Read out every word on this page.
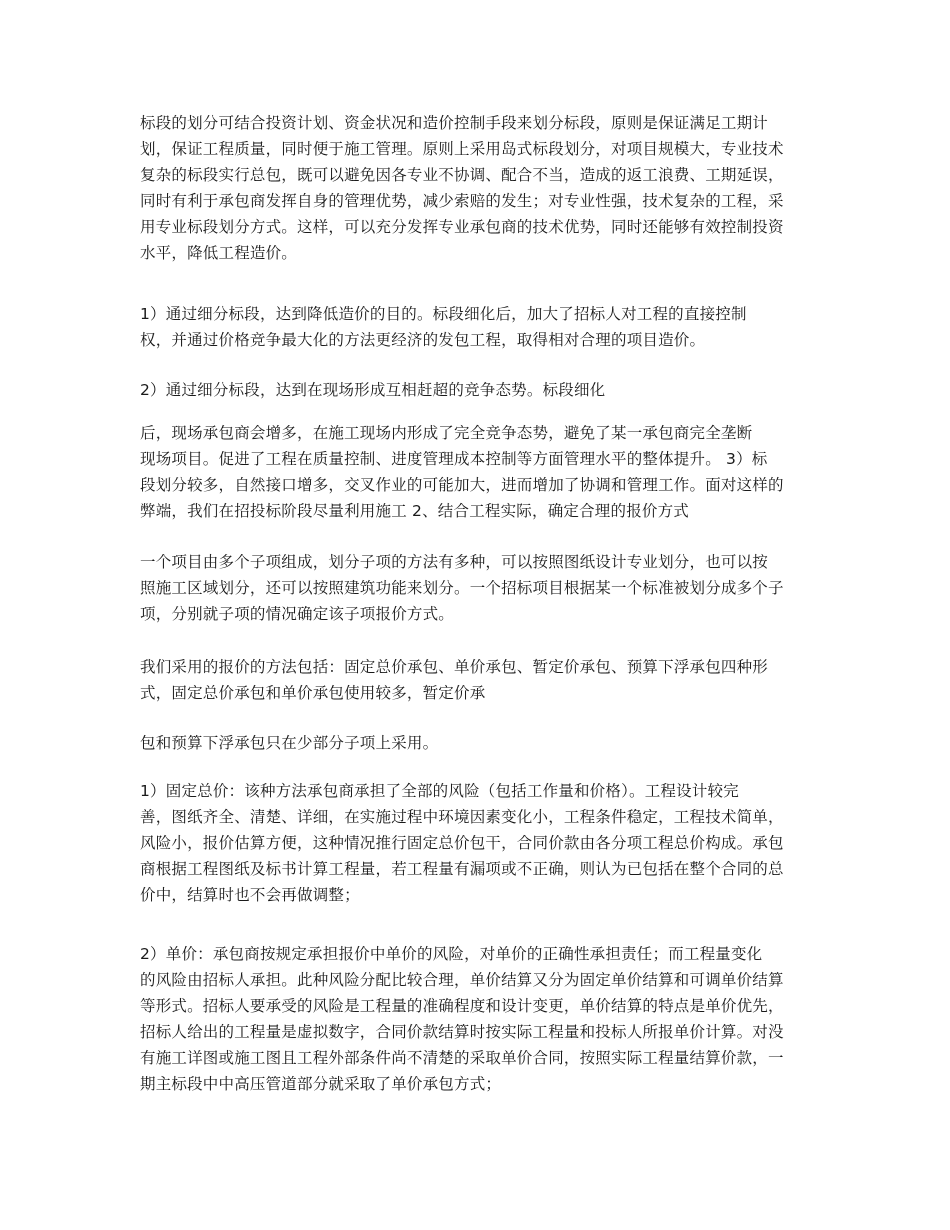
标段的划分可结合投资计划、资金状况和造价控制手段来划分标段，原则是保证满足工期计
划，保证工程质量，同时便于施工管理。原则上采用岛式标段划分，对项目规模大，专业技术
复杂的标段实行总包，既可以避免因各专业不协调、配合不当，造成的返工浪费、工期延误，
同时有利于承包商发挥自身的管理优势，减少索赔的发生；对专业性强，技术复杂的工程，采
用专业标段划分方式。这样，可以充分发挥专业承包商的技术优势，同时还能够有效控制投资
水平，降低工程造价。
1）通过细分标段，达到降低造价的目的。标段细化后，加大了招标人对工程的直接控制
权，并通过价格竞争最大化的方法更经济的发包工程，取得相对合理的项目造价。
2）通过细分标段，达到在现场形成互相赶超的竞争态势。标段细化
后，现场承包商会增多，在施工现场内形成了完全竞争态势，避免了某一承包商完全垄断
现场项目。促进了工程在质量控制、进度管理成本控制等方面管理水平的整体提升。 3）标
段划分较多，自然接口增多，交叉作业的可能加大，进而增加了协调和管理工作。面对这样的
弊端，我们在招投标阶段尽量利用施工 2、结合工程实际，确定合理的报价方式
一个项目由多个子项组成，划分子项的方法有多种，可以按照图纸设计专业划分，也可以按
照施工区域划分，还可以按照建筑功能来划分。一个招标项目根据某一个标准被划分成多个子
项，分别就子项的情况确定该子项报价方式。
我们采用的报价的方法包括：固定总价承包、单价承包、暂定价承包、预算下浮承包四种形
式，固定总价承包和单价承包使用较多，暂定价承
包和预算下浮承包只在少部分子项上采用。
1）固定总价：该种方法承包商承担了全部的风险（包括工作量和价格）。工程设计较完
善，图纸齐全、清楚、详细，在实施过程中环境因素变化小，工程条件稳定，工程技术简单，
风险小，报价估算方便，这种情况推行固定总价包干，合同价款由各分项工程总价构成。承包
商根据工程图纸及标书计算工程量，若工程量有漏项或不正确，则认为已包括在整个合同的总
价中，结算时也不会再做调整；
2）单价：承包商按规定承担报价中单价的风险，对单价的正确性承担责任；而工程量变化
的风险由招标人承担。此种风险分配比较合理，单价结算又分为固定单价结算和可调单价结算
等形式。招标人要承受的风险是工程量的准确程度和设计变更，单价结算的特点是单价优先，
招标人给出的工程量是虚拟数字，合同价款结算时按实际工程量和投标人所报单价计算。对没
有施工详图或施工图且工程外部条件尚不清楚的采取单价合同，按照实际工程量结算价款，一
期主标段中中高压管道部分就采取了单价承包方式；
